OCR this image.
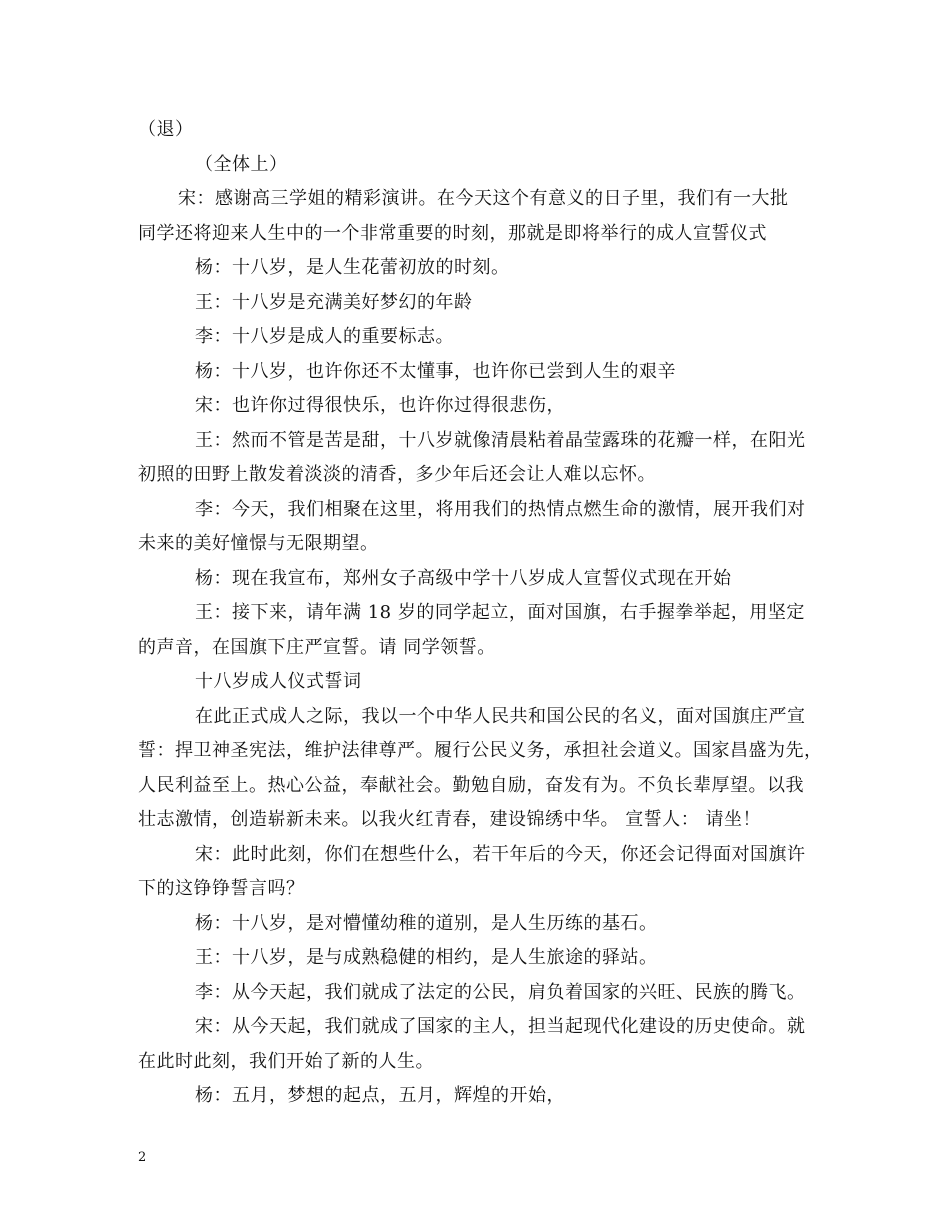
（退）
（全体上）
宋：感谢高三学姐的精彩演讲。在今天这个有意义的日子里，我们有一大批
同学还将迎来人生中的一个非常重要的时刻，那就是即将举行的成人宣誓仪式
杨：十八岁，是人生花蕾初放的时刻。
王：十八岁是充满美好梦幻的年龄
李：十八岁是成人的重要标志。
杨：十八岁，也许你还不太懂事，也许你已尝到人生的艰辛
宋：也许你过得很快乐，也许你过得很悲伤，
王：然而不管是苦是甜，十八岁就像清晨粘着晶莹露珠的花瓣一样，在阳光
初照的田野上散发着淡淡的清香，多少年后还会让人难以忘怀。
李：今天，我们相聚在这里，将用我们的热情点燃生命的激情，展开我们对
未来的美好憧憬与无限期望。
杨：现在我宣布，郑州女子高级中学十八岁成人宣誓仪式现在开始
王：接下来，请年满 18 岁的同学起立，面对国旗，右手握拳举起，用坚定
的声音，在国旗下庄严宣誓。请 同学领誓。
十八岁成人仪式誓词
在此正式成人之际，我以一个中华人民共和国公民的名义，面对国旗庄严宣
誓：捍卫神圣宪法，维护法律尊严。履行公民义务，承担社会道义。国家昌盛为先，
人民利益至上。热心公益，奉献社会。勤勉自励，奋发有为。不负长辈厚望。以我
壮志激情，创造崭新未来。以我火红青春，建设锦绣中华。 宣誓人： 请坐！
宋：此时此刻，你们在想些什么，若干年后的今天，你还会记得面对国旗许
下的这铮铮誓言吗？
杨：十八岁，是对懵懂幼稚的道别，是人生历练的基石。
王：十八岁，是与成熟稳健的相约，是人生旅途的驿站。
李：从今天起，我们就成了法定的公民，肩负着国家的兴旺、民族的腾飞。
宋：从今天起，我们就成了国家的主人，担当起现代化建设的历史使命。就
在此时此刻，我们开始了新的人生。
杨：五月，梦想的起点，五月，辉煌的开始，
2
